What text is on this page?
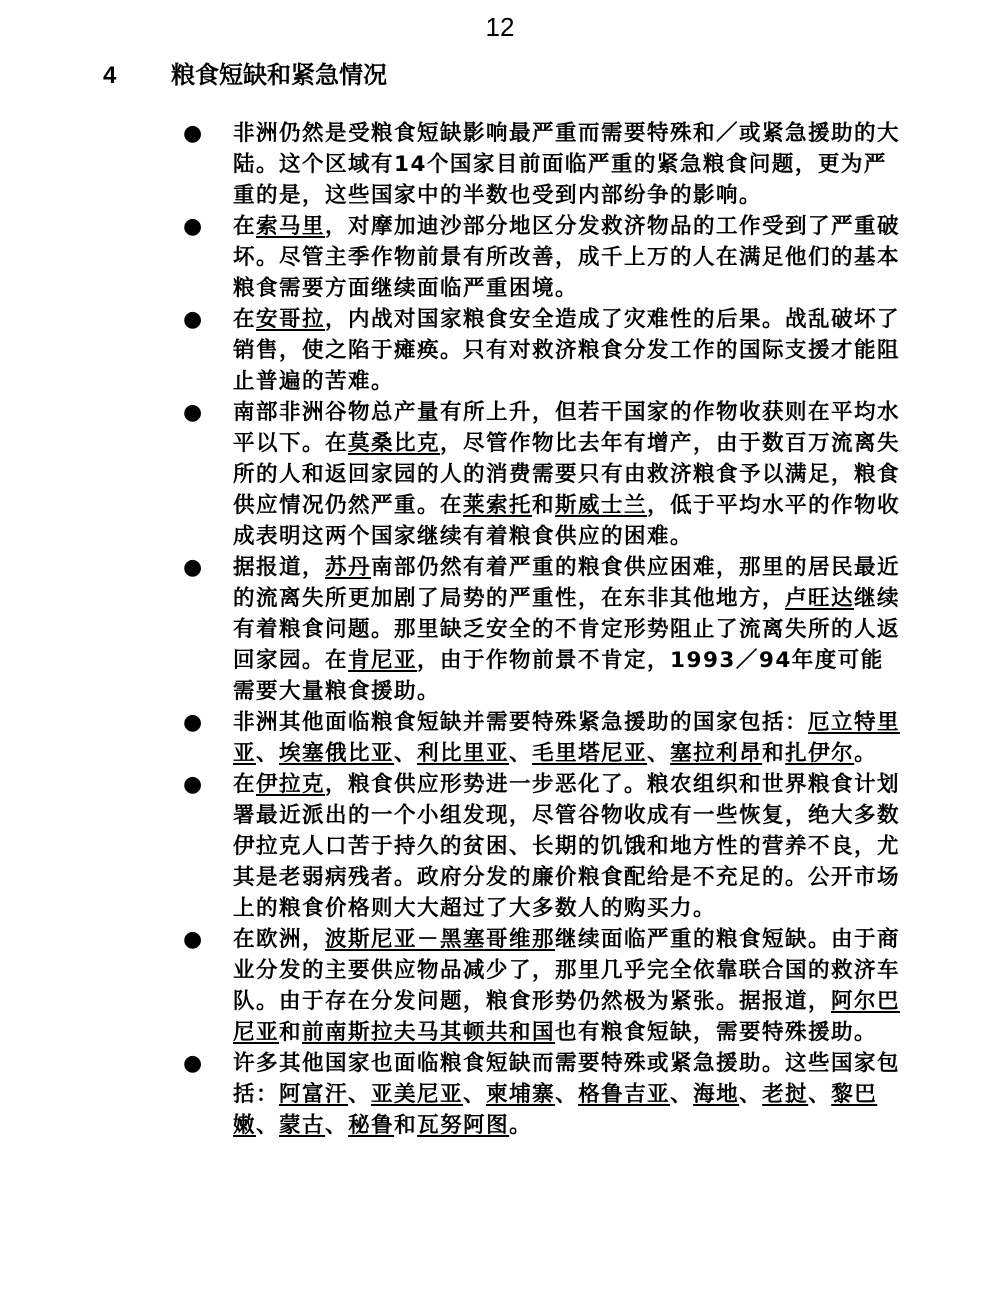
12
4 粮食短缺和紧急情况
● 非洲仍然是受粮食短缺影响最严重而需要特殊和／或紧急援助的大陆。这个区域有14个国家目前面临严重的紧急粮食问题，更为严重的是，这些国家中的半数也受到内部纷争的影响。
● 在索马里，对摩加迪沙部分地区分发救济物品的工作受到了严重破坏。尽管主季作物前景有所改善，成千上万的人在满足他们的基本粮食需要方面继续面临严重困境。
● 在安哥拉，内战对国家粮食安全造成了灾难性的后果。战乱破坏了销售，使之陷于瘫痪。只有对救济粮食分发工作的国际支援才能阻止普遍的苦难。
● 南部非洲谷物总产量有所上升，但若干国家的作物收获则在平均水平以下。在莫桑比克，尽管作物比去年有增产，由于数百万流离失所的人和返回家园的人的消费需要只有由救济粮食予以满足，粮食供应情况仍然严重。在莱索托和斯威士兰，低于平均水平的作物收成表明这两个国家继续有着粮食供应的困难。
● 据报道，苏丹南部仍然有着严重的粮食供应困难，那里的居民最近的流离失所更加剧了局势的严重性，在东非其他地方，卢旺达继续有着粮食问题。那里缺乏安全的不肯定形势阻止了流离失所的人返回家园。在肯尼亚，由于作物前景不肯定，1993／94年度可能需要大量粮食援助。
● 非洲其他面临粮食短缺并需要特殊紧急援助的国家包括：厄立特里亚、埃塞俄比亚、利比里亚、毛里塔尼亚、塞拉利昂和扎伊尔。
● 在伊拉克，粮食供应形势进一步恶化了。粮农组织和世界粮食计划署最近派出的一个小组发现，尽管谷物收成有一些恢复，绝大多数伊拉克人口苦于持久的贫困、长期的饥饿和地方性的营养不良，尤其是老弱病残者。政府分发的廉价粮食配给是不充足的。公开市场上的粮食价格则大大超过了大多数人的购买力。
● 在欧洲，波斯尼亚－黑塞哥维那继续面临严重的粮食短缺。由于商业分发的主要供应物品减少了，那里几乎完全依靠联合国的救济车队。由于存在分发问题，粮食形势仍然极为紧张。据报道，阿尔巴尼亚和前南斯拉夫马其顿共和国也有粮食短缺，需要特殊援助。
● 许多其他国家也面临粮食短缺而需要特殊或紧急援助。这些国家包括：阿富汗、亚美尼亚、柬埔寨、格鲁吉亚、海地、老挝、黎巴嫩、蒙古、秘鲁和瓦努阿图。
